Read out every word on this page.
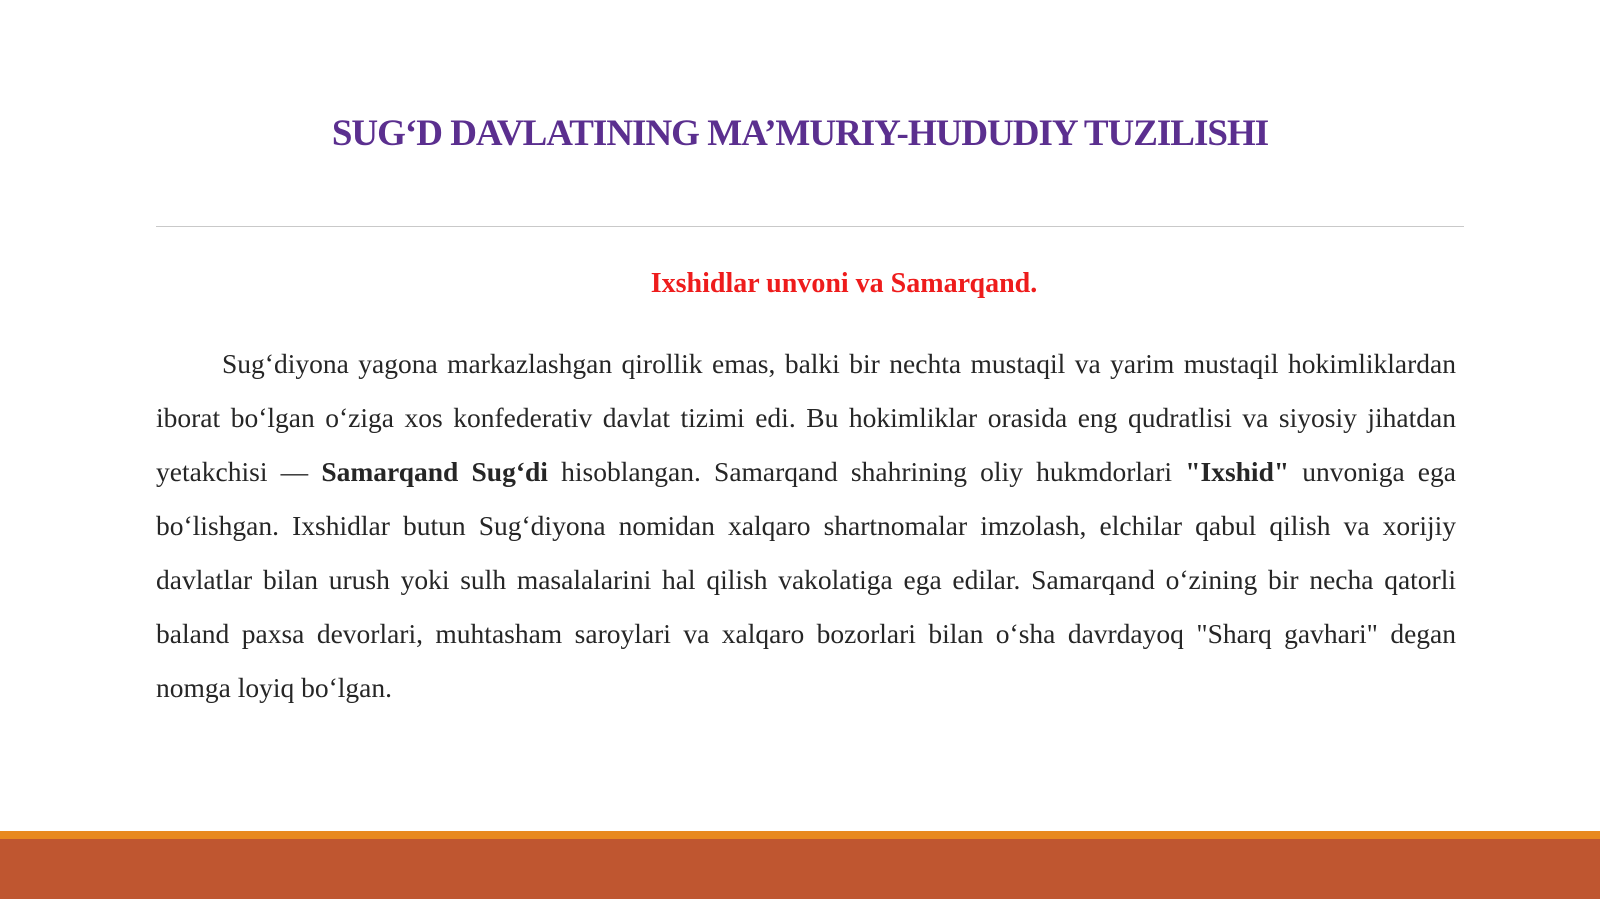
SUG‘D DAVLATINING MA’MURIY-HUDUDIY TUZILISHI
Ixshidlar unvoni va Samarqand.

Sug‘diyona yagona markazlashgan qirollik emas, balki bir nechta mustaqil va yarim mustaqil hokimliklardan iborat bo‘lgan o‘ziga xos konfederativ davlat tizimi edi. Bu hokimliklar orasida eng qudratlisi va siyosiy jihatdan yetakchisi — Samarqand Sug‘di hisoblangan. Samarqand shahrining oliy hukmdorlari "Ixshid" unvoniga ega bo‘lishgan. Ixshidlar butun Sug‘diyona nomidan xalqaro shartnomalar imzolash, elchilar qabul qilish va xorijiy davlatlar bilan urush yoki sulh masalalarini hal qilish vakolatiga ega edilar. Samarqand o‘zining bir necha qatorli baland paxsa devorlari, muhtasham saroylari va xalqaro bozorlari bilan o‘sha davrdayoq "Sharq gavhari" degan nomga loyiq bo‘lgan.
